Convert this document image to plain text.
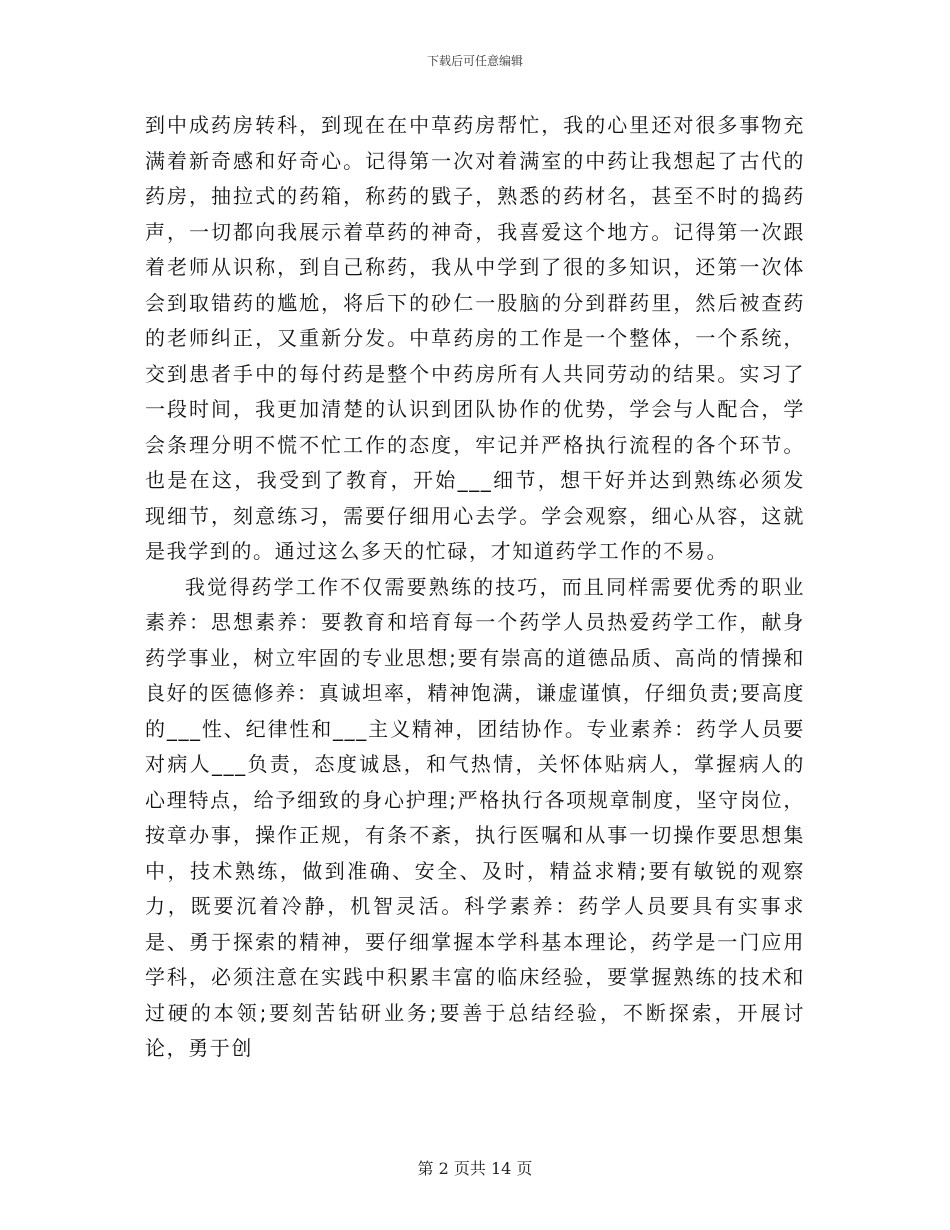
下载后可任意编辑

到中成药房转科，到现在在中草药房帮忙，我的心里还对很多事物充满着新奇感和好奇心。记得第一次对着满室的中药让我想起了古代的药房，抽拉式的药箱，称药的戥子，熟悉的药材名，甚至不时的捣药声，一切都向我展示着草药的神奇，我喜爱这个地方。记得第一次跟着老师从识称，到自己称药，我从中学到了很的多知识，还第一次体会到取错药的尴尬，将后下的砂仁一股脑的分到群药里，然后被查药的老师纠正，又重新分发。中草药房的工作是一个整体，一个系统，交到患者手中的每付药是整个中药房所有人共同劳动的结果。实习了一段时间，我更加清楚的认识到团队协作的优势，学会与人配合，学会条理分明不慌不忙工作的态度，牢记并严格执行流程的各个环节。也是在这，我受到了教育，开始___细节，想干好并达到熟练必须发现细节，刻意练习，需要仔细用心去学。学会观察，细心从容，这就是我学到的。通过这么多天的忙碌，才知道药学工作的不易。

我觉得药学工作不仅需要熟练的技巧，而且同样需要优秀的职业素养：思想素养：要教育和培育每一个药学人员热爱药学工作，献身药学事业，树立牢固的专业思想;要有崇高的道德品质、高尚的情操和良好的医德修养：真诚坦率，精神饱满，谦虚谨慎，仔细负责;要高度的___性、纪律性和___主义精神，团结协作。专业素养：药学人员要对病人___负责，态度诚恳，和气热情，关怀体贴病人，掌握病人的心理特点，给予细致的身心护理;严格执行各项规章制度，坚守岗位，按章办事，操作正规，有条不紊，执行医嘱和从事一切操作要思想集中，技术熟练，做到准确、安全、及时，精益求精;要有敏锐的观察力，既要沉着冷静，机智灵活。科学素养：药学人员要具有实事求是、勇于探索的精神，要仔细掌握本学科基本理论，药学是一门应用学科，必须注意在实践中积累丰富的临床经验，要掌握熟练的技术和过硬的本领;要刻苦钻研业务;要善于总结经验，不断探索，开展讨论，勇于创

第 2 页共 14 页
